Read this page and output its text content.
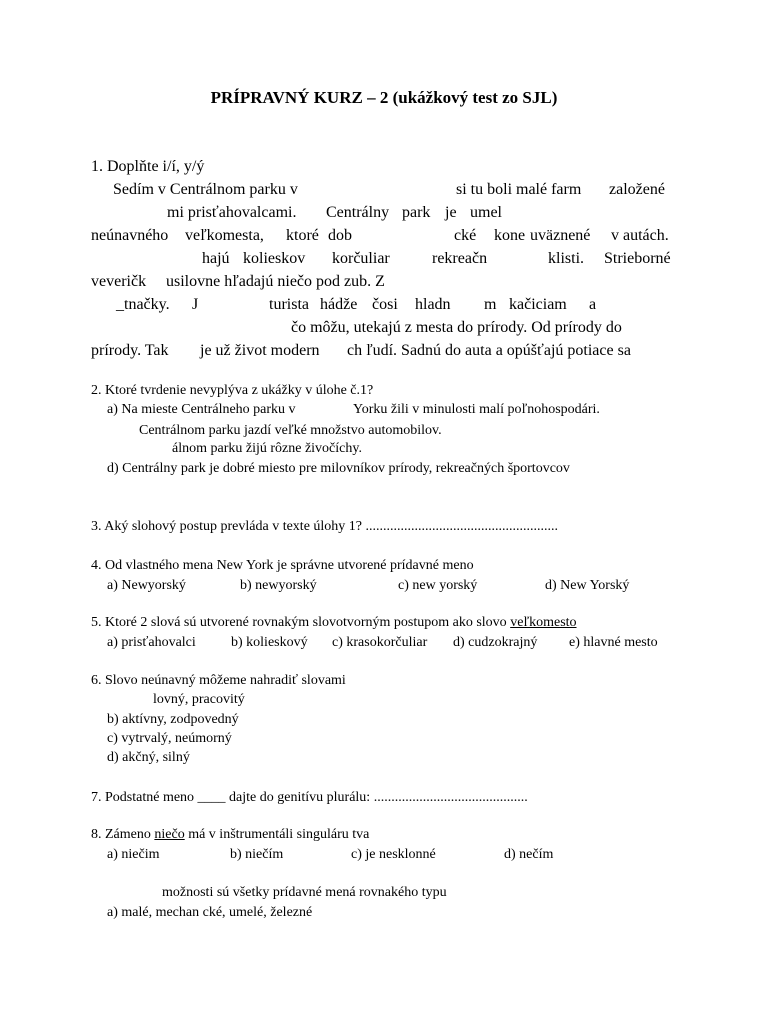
PRÍPRAVNÝ KURZ – 2 (ukážkový test zo SJL)
1. Doplňte i/í, y/ý
Sedím v Centrálnom parku v	si tu boli malé farm založené
mi prisťahovalcami. Centrálny park je umel
neúnavného veľkomesta, ktoré dob	cké kone uväznené v autách.
hajú kolieskov korčuliar	rekreačn	klisti. Strieborné
veveričk usilovne hľadajú niečo pod zub. Z
_tnačky. J	turista hádže čosi hladn m kačiciam a
čo môžu, utekajú z mesta do prírody. Od prírody do
prírody. Tak je už život modern ch ľudí. Sadnú do auta a opúšťajú potiace sa
2. Ktoré tvrdenie nevyplýva z ukážky v úlohe č.1?
a) Na mieste Centrálneho parku v	Yorku žili v minulosti malí poľnohospodári.
Centrálnom parku jazdí veľké množstvo automobilov.
álnom parku žijú rôzne živočíchy.
d) Centrálny park je dobré miesto pre milovníkov prírody, rekreačných športovcov
3. Aký slohový postup prevláda v texte úlohy 1? .......................................................
4. Od vlastného mena New York je správne utvorené prídavné meno
a) Newyorský	b) newyorský	c) new yorský	d) New Yorský
5. Ktoré 2 slová sú utvorené rovnakým slovotvorným postupom ako slovo veľkomesto
a) prisťahovalci	b) kolieskový c) krasokorčuliar d) cudzokrajný e) hlavné mesto
6. Slovo neúnavný môžeme nahradiť slovami
lovný, pracovitý
b) aktívny, zodpovedný
c) vytrvalý, neúmorný
d) akčný, silný
7. Podstatné meno ____ dajte do genitívu plurálu: ............................................
8. Zámeno niečo má v inštrumentáli singuláru tva
a) niečim	b) niečím	c) je nesklonné	d) nečím
možnosti sú všetky prídavné mená rovnakého typu
a) malé, mechan cké, umelé, železné
